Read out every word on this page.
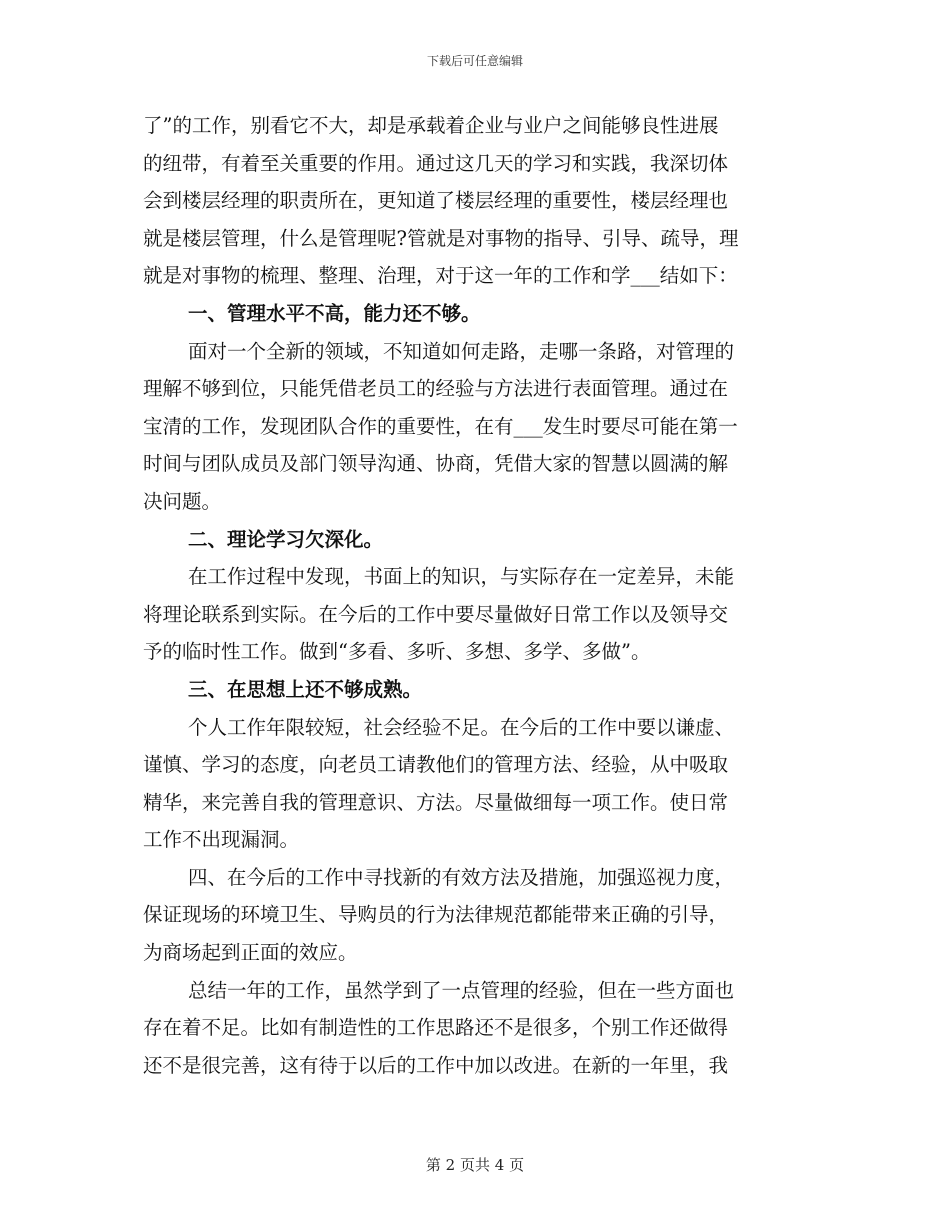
下载后可任意编辑
了”的工作，别看它不大，却是承载着企业与业户之间能够良性进展
的纽带，有着至关重要的作用。通过这几天的学习和实践，我深切体
会到楼层经理的职责所在，更知道了楼层经理的重要性，楼层经理也
就是楼层管理，什么是管理呢?管就是对事物的指导、引导、疏导，理
就是对事物的梳理、整理、治理，对于这一年的工作和学___结如下：
一、管理水平不高，能力还不够。
面对一个全新的领域，不知道如何走路，走哪一条路，对管理的
理解不够到位，只能凭借老员工的经验与方法进行表面管理。通过在
宝清的工作，发现团队合作的重要性，在有___发生时要尽可能在第一
时间与团队成员及部门领导沟通、协商，凭借大家的智慧以圆满的解
决问题。
二、理论学习欠深化。
在工作过程中发现，书面上的知识，与实际存在一定差异，未能
将理论联系到实际。在今后的工作中要尽量做好日常工作以及领导交
予的临时性工作。做到“多看、多听、多想、多学、多做”。
三、在思想上还不够成熟。
个人工作年限较短，社会经验不足。在今后的工作中要以谦虚、
谨慎、学习的态度，向老员工请教他们的管理方法、经验，从中吸取
精华，来完善自我的管理意识、方法。尽量做细每一项工作。使日常
工作不出现漏洞。
四、在今后的工作中寻找新的有效方法及措施，加强巡视力度，
保证现场的环境卫生、导购员的行为法律规范都能带来正确的引导，
为商场起到正面的效应。
总结一年的工作，虽然学到了一点管理的经验，但在一些方面也
存在着不足。比如有制造性的工作思路还不是很多，个别工作还做得
还不是很完善，这有待于以后的工作中加以改进。在新的一年里，我
第 2 页共 4 页
